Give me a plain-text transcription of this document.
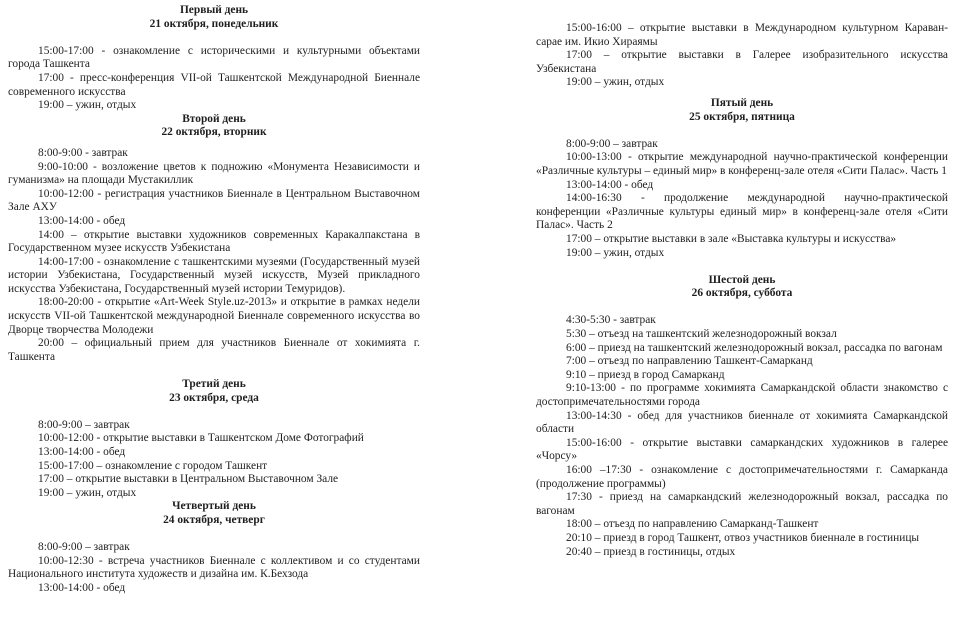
Первый день
21 октября, понедельник
15:00-17:00 - ознакомление с историческими и культурными объектами города Ташкента
17:00 - пресс-конференция VII-ой Ташкентской Международной Биеннале современного искусства
19:00 – ужин, отдых
Второй день
22 октября, вторник
8:00-9:00 - завтрак
9:00-10:00 - возложение цветов к подножию «Монумента Независимости и гуманизма» на площади Мустакиллик
10:00-12:00 - регистрация участников Биеннале в Центральном Выставочном Зале АХУ
13:00-14:00 - обед
14:00 – открытие выставки художников современных Каракалпакстана в Государственном музее искусств Узбекистана
14:00-17:00 - ознакомление с ташкентскими музеями (Государственный музей истории Узбекистана, Государственный музей искусств, Музей прикладного искусства Узбекистана, Государственный музей истории Темуридов).
18:00-20:00 - открытие «Art-Week Style.uz-2013» и открытие в рамках недели искусств VII-ой Ташкентской международной Биеннале современного искусства во Дворце творчества Молодежи
20:00 – официальный прием для участников Биеннале от хокимията г. Ташкента
Третий день
23 октября, среда
8:00-9:00 – завтрак
10:00-12:00 - открытие выставки в Ташкентском Доме Фотографий
13:00-14:00 - обед
15:00-17:00 – ознакомление с городом Ташкент
17:00 – открытие выставки в Центральном Выставочном Зале
19:00 – ужин, отдых
Четвертый день
24 октября, четверг
8:00-9:00 – завтрак
10:00-12:30 - встреча участников Биеннале с коллективом и со студентами Национального института художеств и дизайна им. К.Бехзода
13:00-14:00 - обед
15:00-16:00 – открытие выставки в Международном культурном Караван-сарае им. Икио Хираямы
17:00 – открытие выставки в Галерее изобразительного искусства Узбекистана
19:00 – ужин, отдых
Пятый день
25 октября, пятница
8:00-9:00 – завтрак
10:00-13:00 - открытие международной научно-практической конференции «Различные культуры – единый мир» в конференц-зале отеля «Сити Палас». Часть 1
13:00-14:00 - обед
14:00-16:30 - продолжение международной научно-практической конференции «Различные культуры единый мир» в конференц-зале отеля «Сити Палас». Часть 2
17:00 – открытие выставки в зале «Выставка культуры и искусства»
19:00 – ужин, отдых
Шестой день
26 октября, суббота
4:30-5:30 - завтрак
5:30 – отъезд на ташкентский железнодорожный вокзал
6:00 – приезд на ташкентский железнодорожный вокзал, рассадка по вагонам
7:00 – отъезд по направлению Ташкент-Самарканд
9:10 – приезд в город Самарканд
9:10-13:00 - по программе хокимията Самаркандской области знакомство с достопримечательностями города
13:00-14:30 - обед для участников биеннале от хокимията Самаркандской области
15:00-16:00 - открытие выставки самаркандских художников в галерее «Чорсу»
16:00 –17:30 - ознакомление с достопримечательностями г. Самарканда (продолжение программы)
17:30 - приезд на самаркандский железнодорожный вокзал, рассадка по вагонам
18:00 – отъезд по направлению Самарканд-Ташкент
20:10 – приезд в город Ташкент, отвоз участников биеннале в гостиницы
20:40 – приезд в гостиницы, отдых
